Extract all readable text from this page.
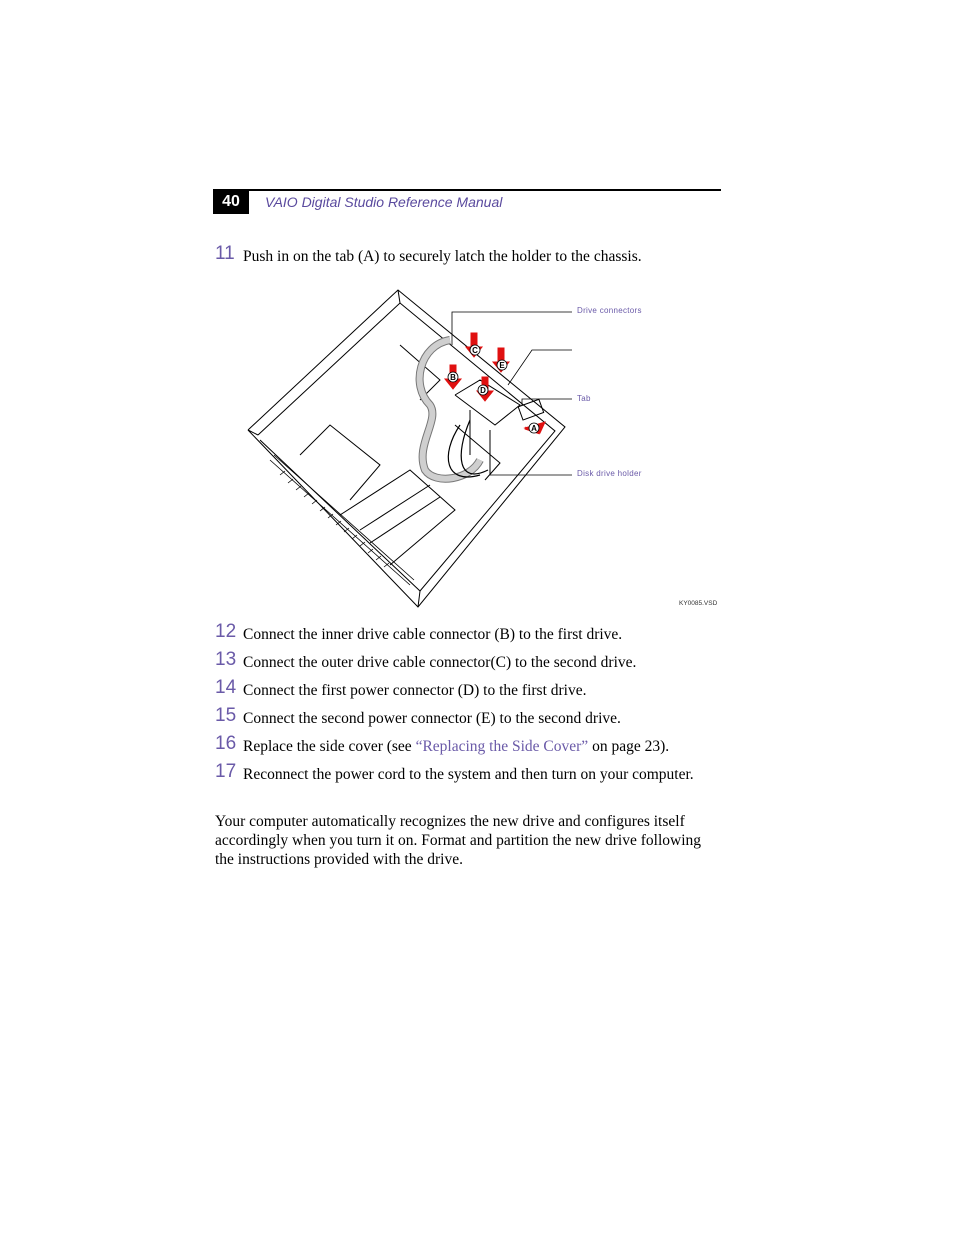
40	VAIO Digital Studio Reference Manual
11 Push in on the tab (A) to securely latch the holder to the chassis.
C
E
B
D
A
Drive connectors
Tab
Disk drive holder
KY0085.VSD
12 Connect the inner drive cable connector (B) to the first drive.
13 Connect the outer drive cable connector(C) to the second drive.
14 Connect the first power connector (D) to the first drive.
15 Connect the second power connector (E) to the second drive.
16 Replace the side cover (see “Replacing the Side Cover” on page 23).
17 Reconnect the power cord to the system and then turn on your computer.
Your computer automatically recognizes the new drive and configures itself accordingly when you turn it on. Format and partition the new drive following the instructions provided with the drive.
